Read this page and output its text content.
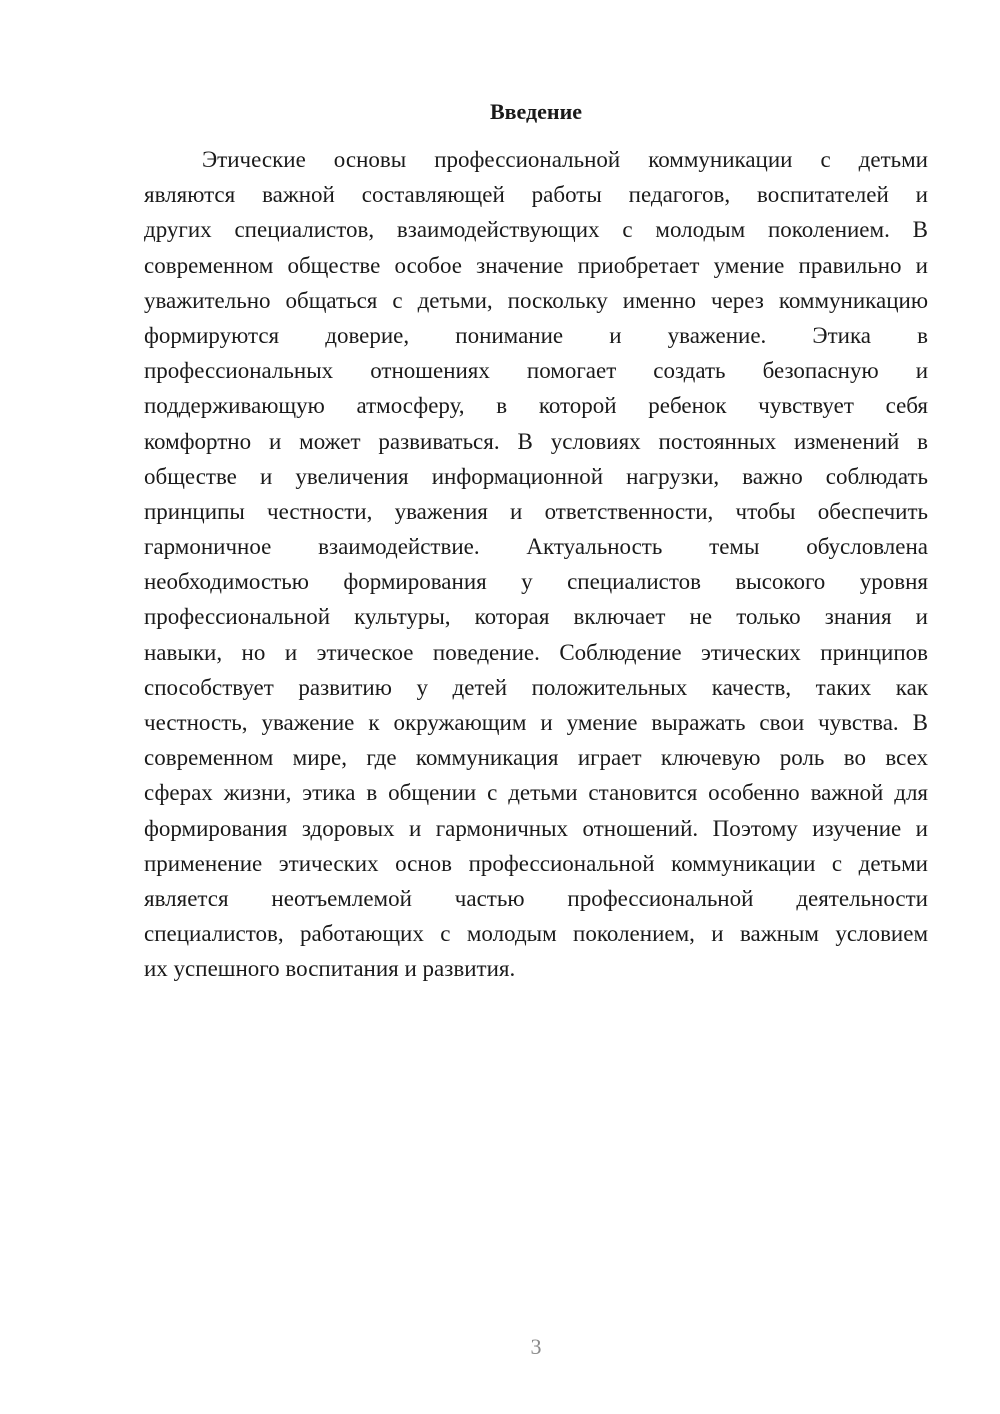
Введение
Этические основы профессиональной коммуникации с детьми
являются важной составляющей работы педагогов, воспитателей и
других специалистов, взаимодействующих с молодым поколением. В
современном обществе особое значение приобретает умение правильно и
уважительно общаться с детьми, поскольку именно через коммуникацию
формируются доверие, понимание и уважение. Этика в
профессиональных отношениях помогает создать безопасную и
поддерживающую атмосферу, в которой ребенок чувствует себя
комфортно и может развиваться. В условиях постоянных изменений в
обществе и увеличения информационной нагрузки, важно соблюдать
принципы честности, уважения и ответственности, чтобы обеспечить
гармоничное взаимодействие. Актуальность темы обусловлена
необходимостью формирования у специалистов высокого уровня
профессиональной культуры, которая включает не только знания и
навыки, но и этическое поведение. Соблюдение этических принципов
способствует развитию у детей положительных качеств, таких как
честность, уважение к окружающим и умение выражать свои чувства. В
современном мире, где коммуникация играет ключевую роль во всех
сферах жизни, этика в общении с детьми становится особенно важной для
формирования здоровых и гармоничных отношений. Поэтому изучение и
применение этических основ профессиональной коммуникации с детьми
является неотъемлемой частью профессиональной деятельности
специалистов, работающих с молодым поколением, и важным условием
их успешного воспитания и развития.
3
